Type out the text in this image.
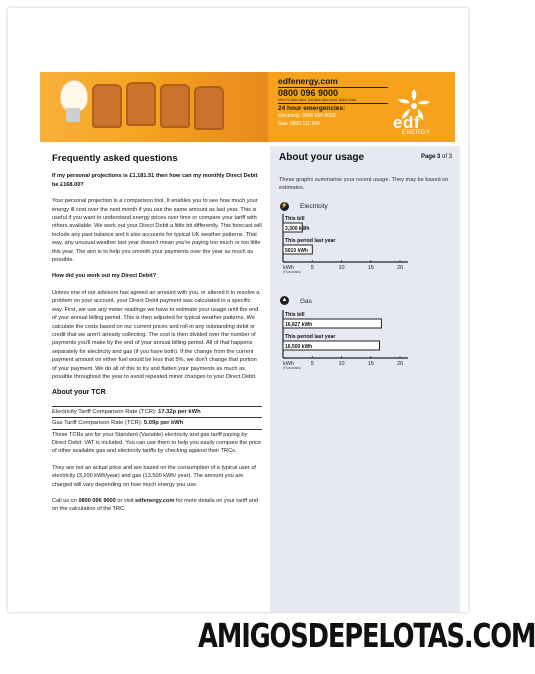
edfenergy.com
0800 096 9000
Mon-Fri 8am-8pm, Sat 8am-5pm (excl. Bank Hols)
24 hour emergencies:
Electricity: 0800 056 8090
Gas: 0800 111 999	edf
ENERGY
Frequently asked questions

If my personal projections is £1,181.51 then how can my monthly Direct Debit be £168.00?

Your personal projection is a comparison tool. It enables you to see how much your energy ill cost over the next month if you use the same amount as last year. This is useful if you want to understand energy prices over time or compare your tariff with others available. We work out your Direct Debit a little bit differently. This forecast will include any past balance and it also accounts for typical UK weather patterns. That way, any unusual weather last year doesn't mean you're paying too much or too little this year. The aim is to help you smooth your payments over the year as much as possible.

How did you work out my Direct Debit?

Unless one of our advisors has agreed an amount with you, or altered it to resolve a problem on your account, your Direct Debit payment was calculated in a specific way. First, we use any meter readings we have to estimate your usage until the end of your annual billing period. This is then adjusted for typical weather patterns. We calculate the costs based on our current prices and roll-in any outstanding debit or credit that we aren't already collecting. The cost is then divided over the number of payments you'll make by the end of your annual billing period. All of that happens separately for electricity and gas (if you have both). If the change from the current payment amount on either fuel would be less that 5%, we don't change that portion of your payment. We do all of this to try and flatten your payments as much as possible throughout the year to avoid repeated minor changes to your Direct Debit.

About your TCR
Electricity Tariff Comparison Rate (TCR): 17.32p per kWh
Gas Tariff Comparison Rate (TCR): 5.09p per kWh

These TCRs are for your Standard (Variable) electricity and gas tariff paying by Direct Debit: VAT is included. You can use them to help you easily compare the price of other available gas and electricity tariffs by checking against their TRCs.

They are not an actual price and are based on the consumption of a typical user of electricity (3,200 kWh/year) and gas (13,500 kWh/ year). The amount you are charged will vary depending on how much energy you use.

Call us on 0800 096 9000 or visit edfenergy.com for more details on your tariff and on the calculation of the TRC.

About your usage	Page 3 of 3
These graphs summarise your recent usage. They may be based on estimates.
⚡ Electricity
This bill
3,300 kWh
This period last year
5010 kWh
5	10	15	20
kWh
(Thousands)
▲ Gas
This bill
16,827 kWh
This period last year
16,500 kWh
5	10	15	20
kWh
(Thousands)
AMIGOSDEPELOTAS.COM
